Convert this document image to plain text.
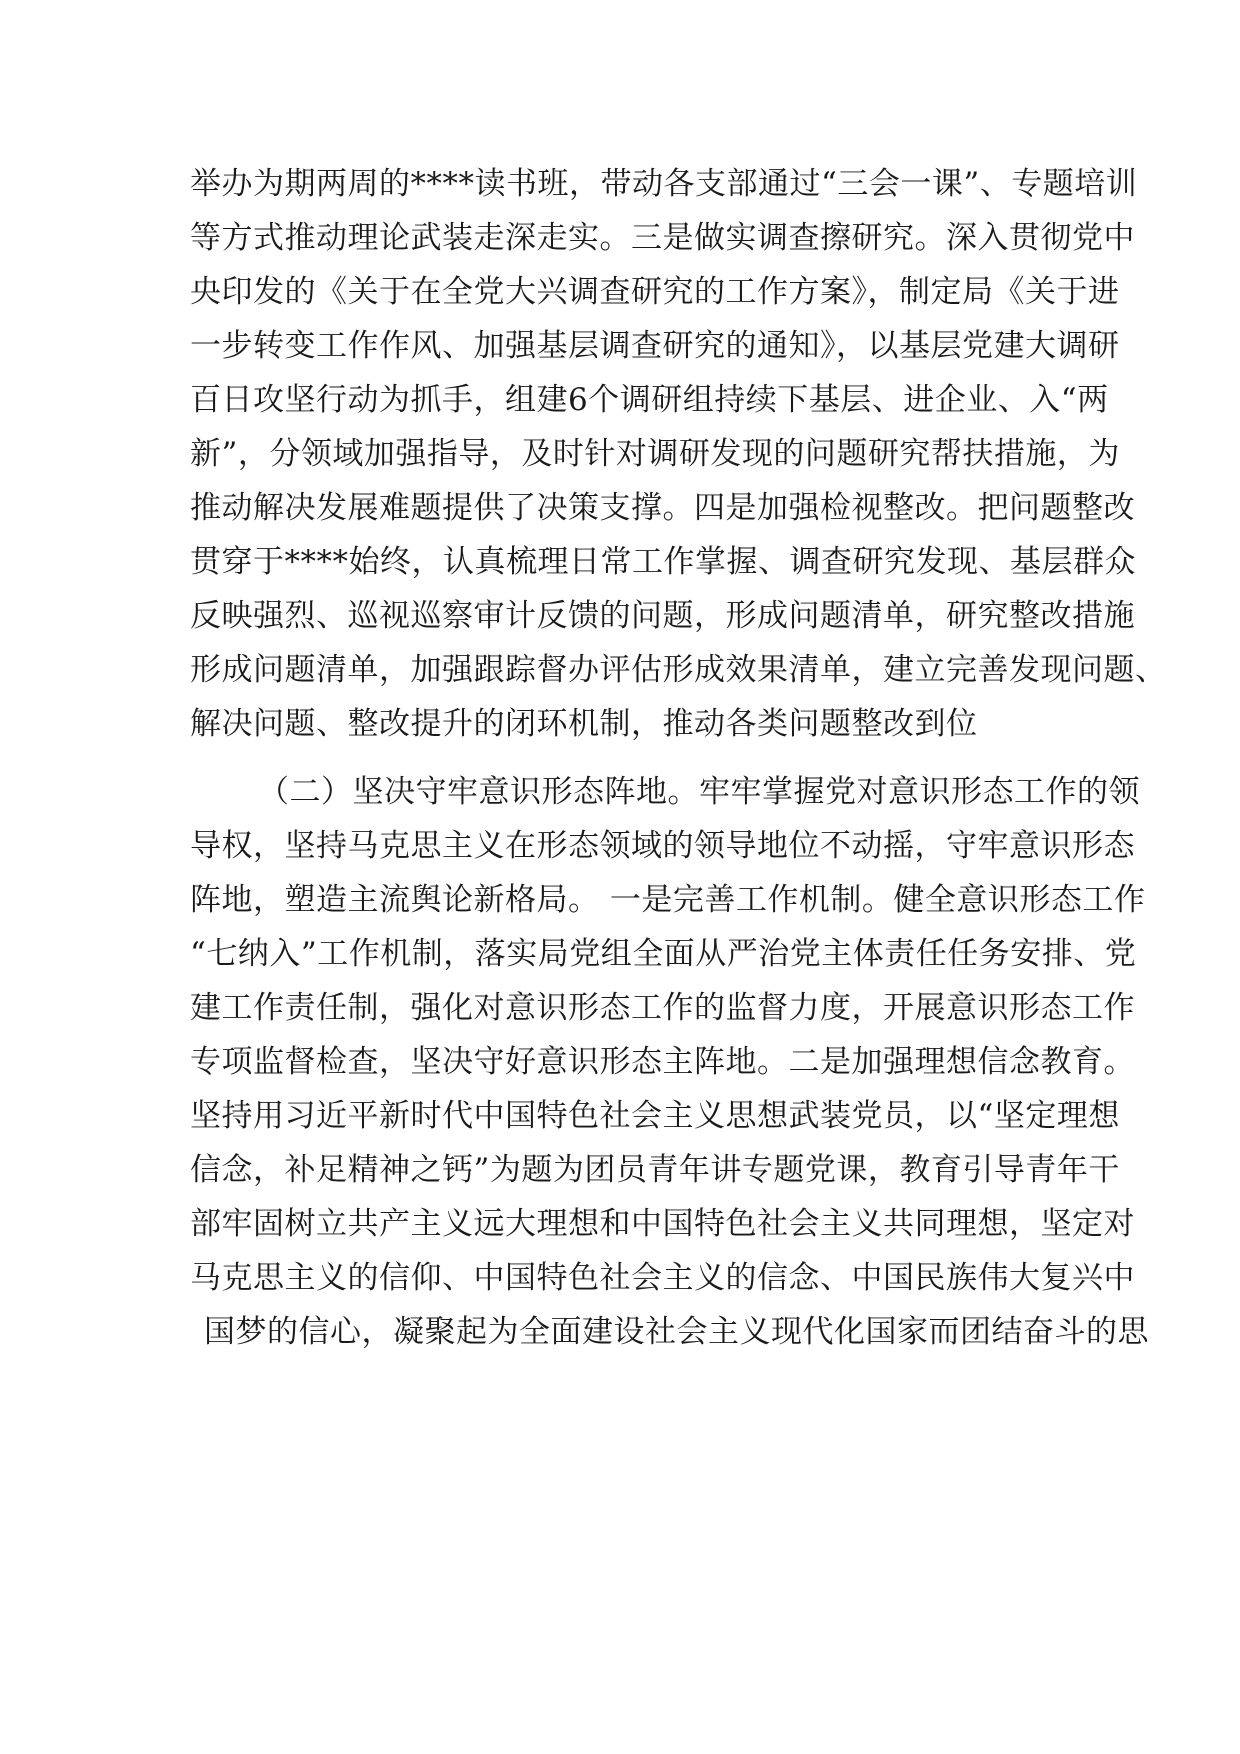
举办为期两周的****读书班，带动各支部通过“三会一课”、专题培训
等方式推动理论武装走深走实。三是做实调查擦研究。深入贯彻党中
央印发的《关于在全党大兴调查研究的工作方案》，制定局《关于进
一步转变工作作风、加强基层调查研究的通知》，以基层党建大调研
百日攻坚行动为抓手，组建6个调研组持续下基层、进企业、入“两
新”，分领域加强指导，及时针对调研发现的问题研究帮扶措施，为
推动解决发展难题提供了决策支撑。四是加强检视整改。把问题整改
贯穿于****始终，认真梳理日常工作掌握、调查研究发现、基层群众
反映强烈、巡视巡察审计反馈的问题，形成问题清单，研究整改措施
形成问题清单，加强跟踪督办评估形成效果清单，建立完善发现问题、
解决问题、整改提升的闭环机制，推动各类问题整改到位
（二）坚决守牢意识形态阵地。牢牢掌握党对意识形态工作的领
导权，坚持马克思主义在形态领域的领导地位不动摇，守牢意识形态
阵地，塑造主流舆论新格局。 一是完善工作机制。健全意识形态工作
“七纳入”工作机制，落实局党组全面从严治党主体责任任务安排、党
建工作责任制，强化对意识形态工作的监督力度，开展意识形态工作
专项监督检查，坚决守好意识形态主阵地。二是加强理想信念教育。
坚持用习近平新时代中国特色社会主义思想武装党员，以“坚定理想
信念，补足精神之钙”为题为团员青年讲专题党课，教育引导青年干
部牢固树立共产主义远大理想和中国特色社会主义共同理想，坚定对
马克思主义的信仰、中国特色社会主义的信念、中国民族伟大复兴中
国梦的信心，凝聚起为全面建设社会主义现代化国家而团结奋斗的思
